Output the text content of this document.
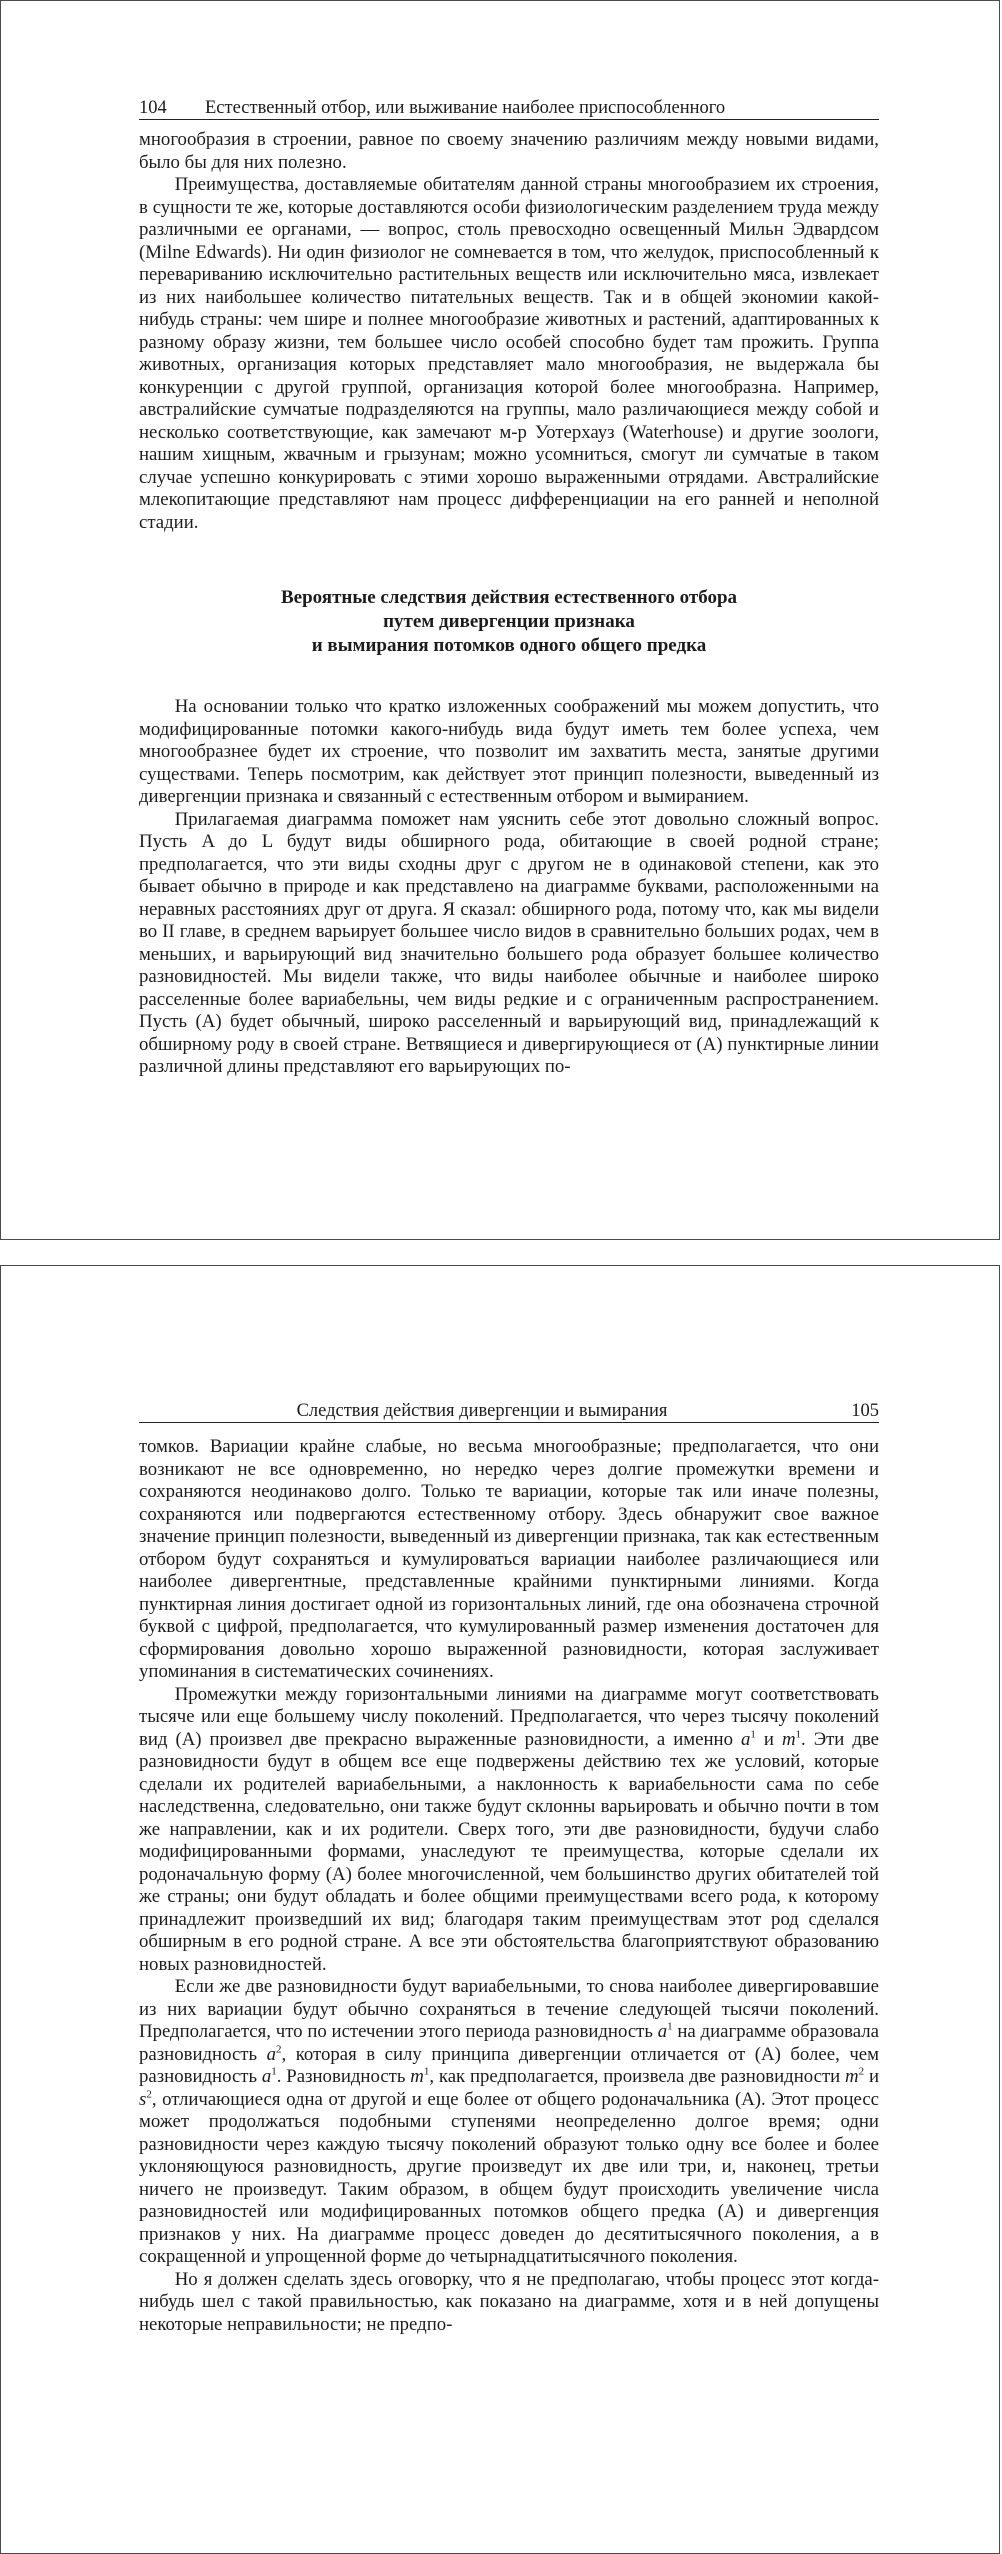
104	Естественный отбор, или выживание наиболее приспособленного

многообразия в строении, равное по своему значению различиям между новыми видами, было бы для них полезно.

Преимущества, доставляемые обитателям данной страны многообразием их строения, в сущности те же, которые доставляются особи физиологическим разделением труда между различными ее органами, — вопрос, столь превосходно освещенный Мильн Эдвардсом (Milne Edwards). Ни один физиолог не сомневается в том, что желудок, приспособленный к перевариванию исключительно растительных веществ или исключительно мяса, извлекает из них наибольшее количество питательных веществ. Так и в общей экономии какой-нибудь страны: чем шире и полнее многообразие животных и растений, адаптированных к разному образу жизни, тем большее число особей способно будет там прожить. Группа животных, организация которых представляет мало многообразия, не выдержала бы конкуренции с другой группой, организация которой более многообразна. Например, австралийские сумчатые подразделяются на группы, мало различающиеся между собой и несколько соответствующие, как замечают м-р Уотерхауз (Waterhouse) и другие зоологи, нашим хищным, жвачным и грызунам; можно усомниться, смогут ли сумчатые в таком случае успешно конкурировать с этими хорошо выраженными отрядами. Австралийские млекопитающие представляют нам процесс дифференциации на его ранней и неполной стадии.

Вероятные следствия действия естественного отбора
путем дивергенции признака
и вымирания потомков одного общего предка

На основании только что кратко изложенных соображений мы можем допустить, что модифицированные потомки какого-нибудь вида будут иметь тем более успеха, чем многообразнее будет их строение, что позволит им захватить места, занятые другими существами. Теперь посмотрим, как действует этот принцип полезности, выведенный из дивергенции признака и связанный с естественным отбором и вымиранием.

Прилагаемая диаграмма поможет нам уяснить себе этот довольно сложный вопрос. Пусть A до L будут виды обширного рода, обитающие в своей родной стране; предполагается, что эти виды сходны друг с другом не в одинаковой степени, как это бывает обычно в природе и как представлено на диаграмме буквами, расположенными на неравных расстояниях друг от друга. Я сказал: обширного рода, потому что, как мы видели во II главе, в среднем варьирует большее число видов в сравнительно больших родах, чем в меньших, и варьирующий вид значительно большего рода образует большее количество разновидностей. Мы видели также, что виды наиболее обычные и наиболее широко расселенные более вариабельны, чем виды редкие и с ограниченным распространением. Пусть (A) будет обычный, широко расселенный и варьирующий вид, принадлежащий к обширному роду в своей стране. Ветвящиеся и дивергирующиеся от (A) пунктирные линии различной длины представляют его варьирующих по-

Следствия действия дивергенции и вымирания	105

томков. Вариации крайне слабые, но весьма многообразные; предполагается, что они возникают не все одновременно, но нередко через долгие промежутки времени и сохраняются неодинаково долго. Только те вариации, которые так или иначе полезны, сохраняются или подвергаются естественному отбору. Здесь обнаружит свое важное значение принцип полезности, выведенный из дивергенции признака, так как естественным отбором будут сохраняться и кумулироваться вариации наиболее различающиеся или наиболее дивергентные, представленные крайними пунктирными линиями. Когда пунктирная линия достигает одной из горизонтальных линий, где она обозначена строчной буквой с цифрой, предполагается, что кумулированный размер изменения достаточен для сформирования довольно хорошо выраженной разновидности, которая заслуживает упоминания в систематических сочинениях.

Промежутки между горизонтальными линиями на диаграмме могут соответствовать тысяче или еще большему числу поколений. Предполагается, что через тысячу поколений вид (A) произвел две прекрасно выраженные разновидности, а именно $a^1$ и $m^1$. Эти две разновидности будут в общем все еще подвержены действию тех же условий, которые сделали их родителей вариабельными, а наклонность к вариабельности сама по себе наследственна, следовательно, они также будут склонны варьировать и обычно почти в том же направлении, как и их родители. Сверх того, эти две разновидности, будучи слабо модифицированными формами, унаследуют те преимущества, которые сделали их родоначальную форму (A) более многочисленной, чем большинство других обитателей той же страны; они будут обладать и более общими преимуществами всего рода, к которому принадлежит произведший их вид; благодаря таким преимуществам этот род сделался обширным в его родной стране. А все эти обстоятельства благоприятствуют образованию новых разновидностей.

Если же две разновидности будут вариабельными, то снова наиболее дивергировавшие из них вариации будут обычно сохраняться в течение следующей тысячи поколений. Предполагается, что по истечении этого периода разновидность $a^1$ на диаграмме образовала разновидность $a^2$, которая в силу принципа дивергенции отличается от (A) более, чем разновидность $a^1$. Разновидность $m^1$, как предполагается, произвела две разновидности $m^2$ и $s^2$, отличающиеся одна от другой и еще более от общего родоначальника (A). Этот процесс может продолжаться подобными ступенями неопределенно долгое время; одни разновидности через каждую тысячу поколений образуют только одну все более и более уклоняющуюся разновидность, другие произведут их две или три, и, наконец, третьи ничего не произведут. Таким образом, в общем будут происходить увеличение числа разновидностей или модифицированных потомков общего предка (A) и дивергенция признаков у них. На диаграмме процесс доведен до десятитысячного поколения, а в сокращенной и упрощенной форме до четырнадцатитысячного поколения.

Но я должен сделать здесь оговорку, что я не предполагаю, чтобы процесс этот когда-нибудь шел с такой правильностью, как показано на диаграмме, хотя и в ней допущены некоторые неправильности; не предпо-
